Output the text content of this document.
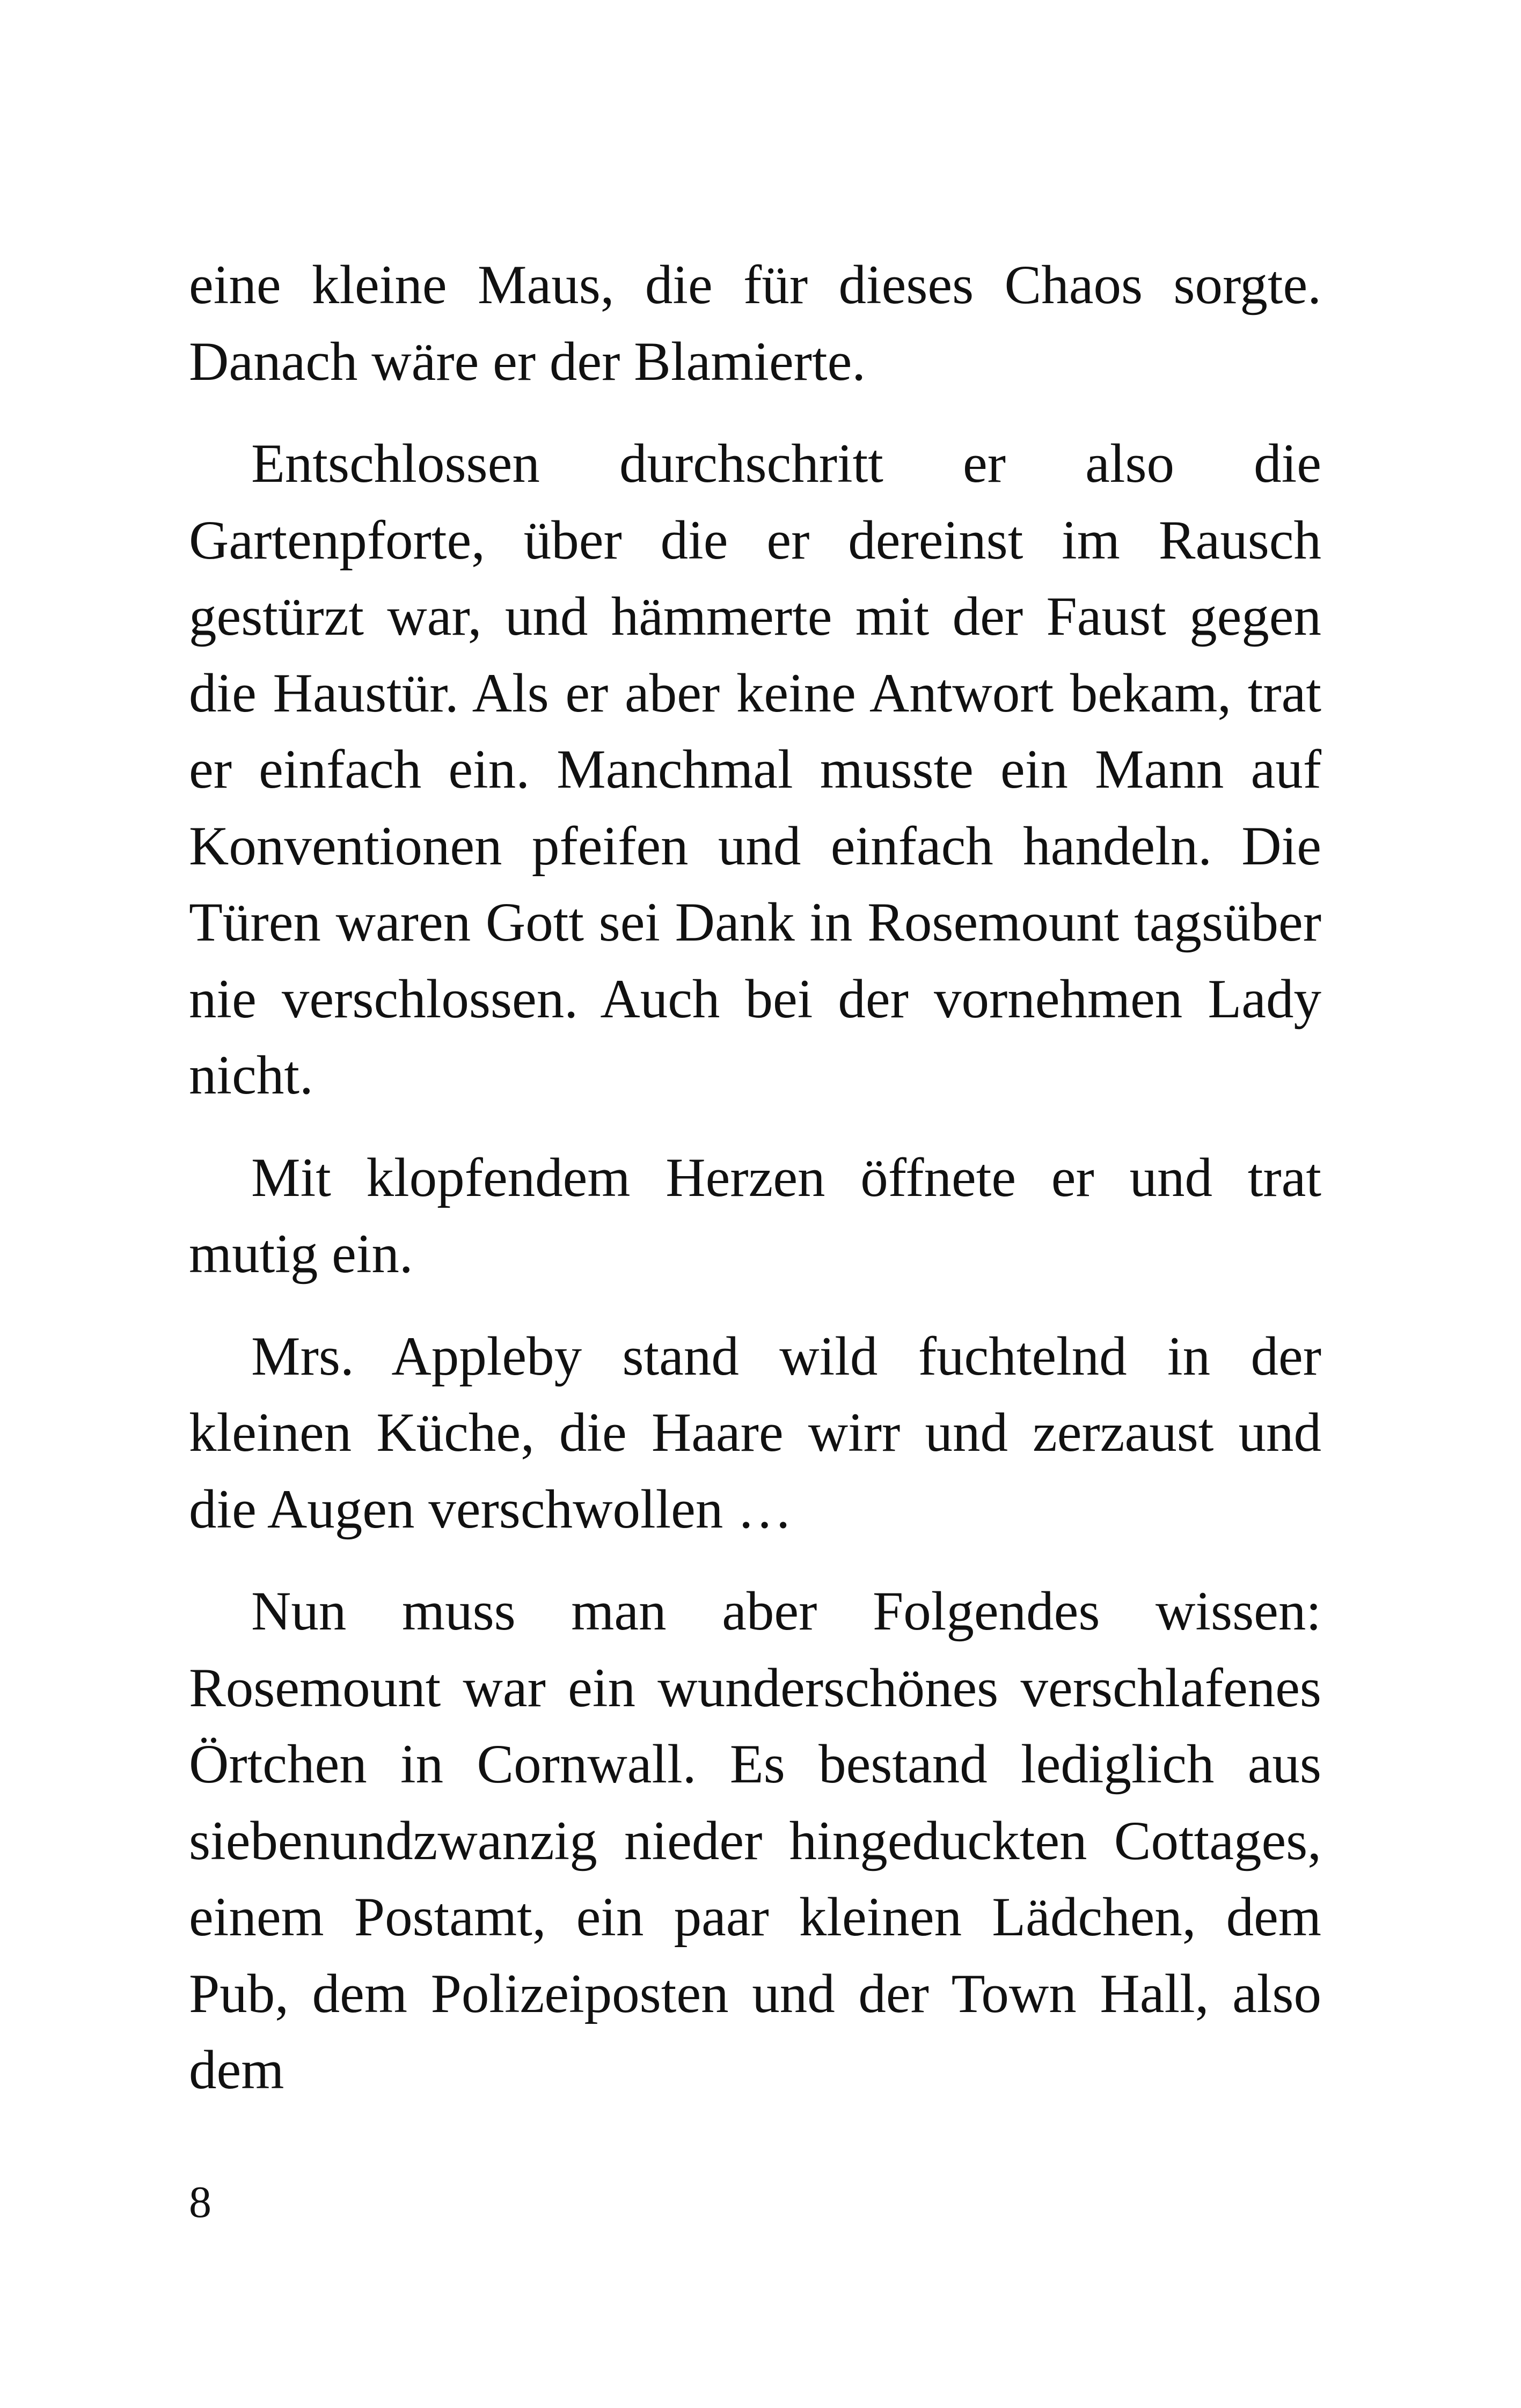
eine kleine Maus, die für dieses Chaos sorgte. Danach wäre er der Blamierte.

Entschlossen durchschritt er also die Gartenpforte, über die er dereinst im Rausch gestürzt war, und hämmerte mit der Faust gegen die Haustür. Als er aber keine Antwort bekam, trat er einfach ein. Manchmal musste ein Mann auf Konventionen pfeifen und einfach handeln. Die Türen waren Gott sei Dank in Rosemount tagsüber nie verschlossen. Auch bei der vornehmen Lady nicht.

Mit klopfendem Herzen öffnete er und trat mutig ein.

Mrs. Appleby stand wild fuchtelnd in der kleinen Küche, die Haare wirr und zerzaust und die Augen verschwollen …

Nun muss man aber Folgendes wissen: Rosemount war ein wunderschönes verschlafenes Örtchen in Cornwall. Es bestand lediglich aus siebenundzwanzig nieder hingeduckten Cottages, einem Postamt, ein paar kleinen Lädchen, dem Pub, dem Polizeiposten und der Town Hall, also dem

8
